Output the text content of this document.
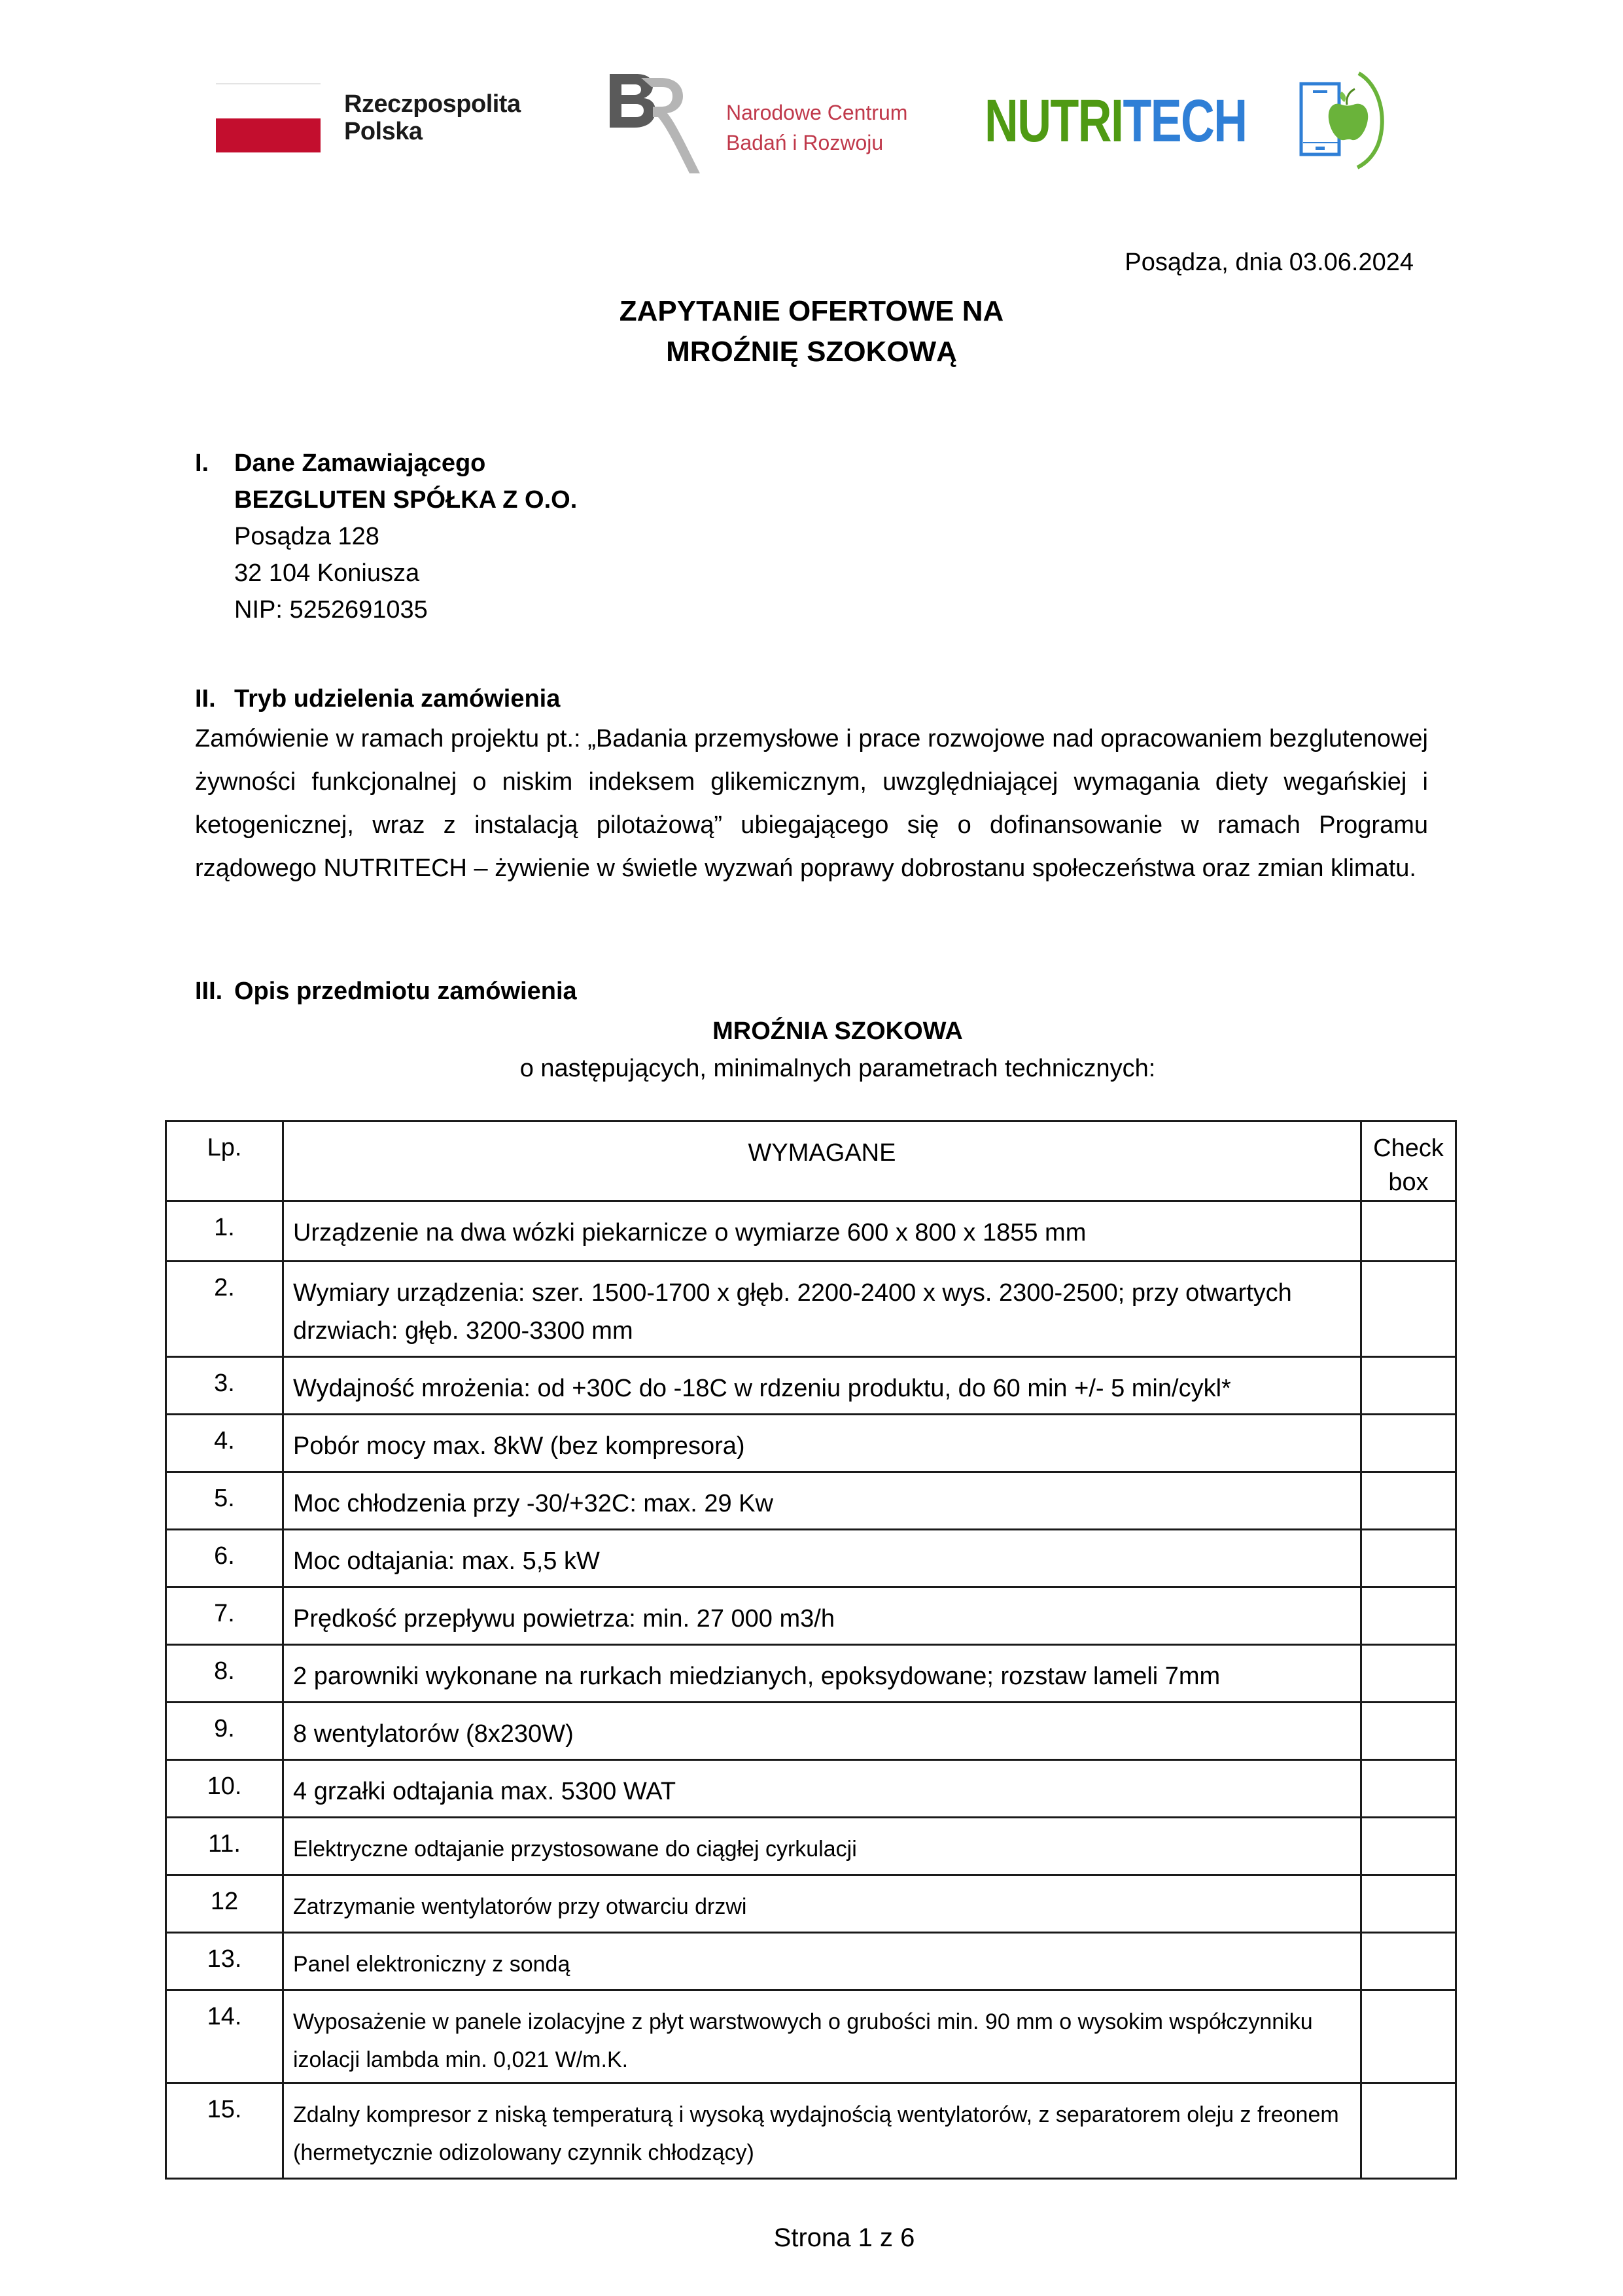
Rzeczpospolita
Polska
Narodowe Centrum
Badań i Rozwoju	NUTRITECH
Posądza, dnia 03.06.2024
ZAPYTANIE OFERTOWE NA
MROŹNIĘ SZOKOWĄ
I.	Dane Zamawiającego
BEZGLUTEN SPÓŁKA Z O.O.
Posądza 128
32 104 Koniusza
NIP: 5252691035
II. Tryb udzielenia zamówienia
Zamówienie w ramach projektu pt.: „Badania przemysłowe i prace rozwojowe nad opracowaniem bezglutenowej żywności funkcjonalnej o niskim indeksem glikemicznym, uwzględniającej wymagania diety wegańskiej i ketogenicznej, wraz z instalacją pilotażową” ubiegającego się o dofinansowanie w ramach Programu rządowego NUTRITECH – żywienie w świetle wyzwań poprawy dobrostanu społeczeństwa oraz zmian klimatu.
III. Opis przedmiotu zamówienia
MROŹNIA SZOKOWA
o następujących, minimalnych parametrach technicznych:
Lp.	WYMAGANE	Check
box

1.	Urządzenie na dwa wózki piekarnicze o wymiarze 600 x 800 x 1855 mm	
2.	Wymiary urządzenia: szer. 1500-1700 x głęb. 2200-2400 x wys. 2300-2500; przy otwartych drzwiach: głęb. 3200-3300 mm	
3.	Wydajność mrożenia: od +30C do -18C w rdzeniu produktu, do 60 min +/- 5 min/cykl*	
4.	Pobór mocy max. 8kW (bez kompresora)	
5.	Moc chłodzenia przy -30/+32C: max. 29 Kw	
6.	Moc odtajania: max. 5,5 kW	
7.	Prędkość przepływu powietrza: min. 27 000 m3/h	
8.	2 parowniki wykonane na rurkach miedzianych, epoksydowane; rozstaw lameli 7mm	
9.	8 wentylatorów (8x230W)	
10.	4 grzałki odtajania max. 5300 WAT	
11.	Elektryczne odtajanie przystosowane do ciągłej cyrkulacji	
12	Zatrzymanie wentylatorów przy otwarciu drzwi	
13.	Panel elektroniczny z sondą	
14.	Wyposażenie w panele izolacyjne z płyt warstwowych o grubości min. 90 mm o wysokim współczynniku izolacji lambda min. 0,021 W/m.K.	
15.	Zdalny kompresor z niską temperaturą i wysoką wydajnością wentylatorów, z separatorem oleju z freonem (hermetycznie odizolowany czynnik chłodzący)	
Strona 1 z 6
